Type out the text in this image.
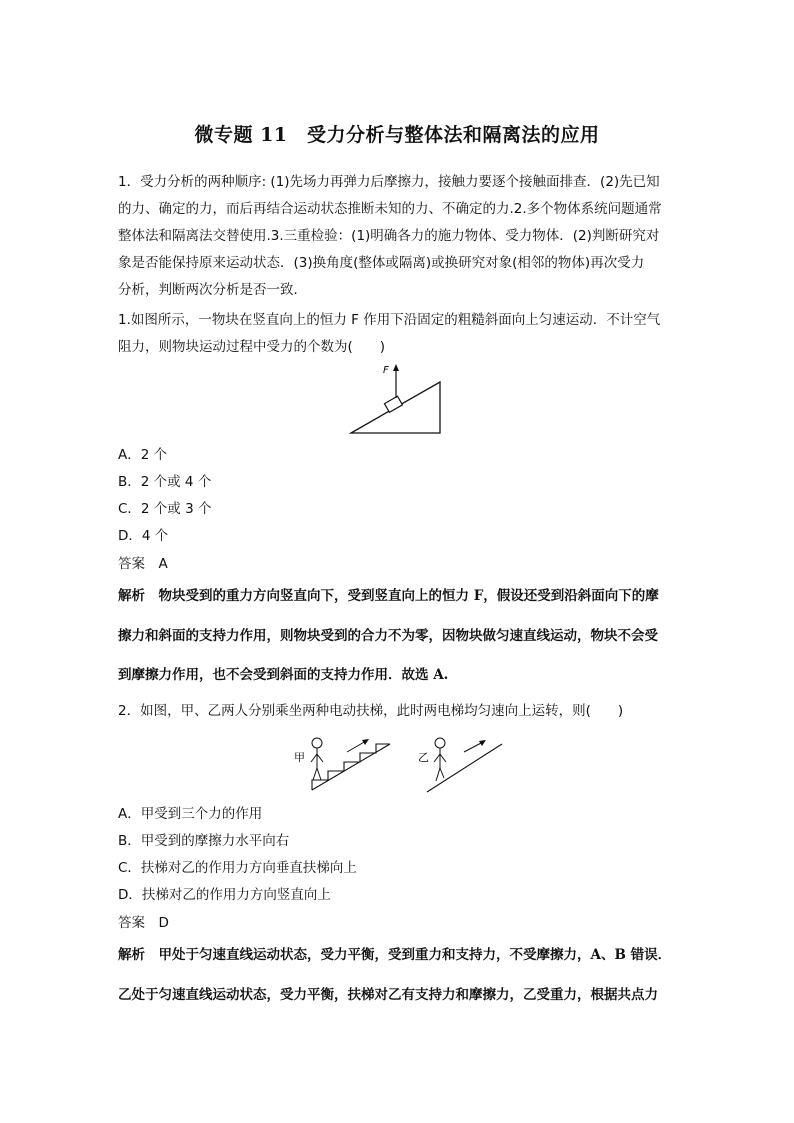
微专题 11　受力分析与整体法和隔离法的应用
1．受力分析的两种顺序: (1)先场力再弹力后摩擦力，接触力要逐个接触面排查．(2)先已知
的力、确定的力，而后再结合运动状态推断未知的力、不确定的力.2.多个物体系统问题通常
整体法和隔离法交替使用.3.三重检验：(1)明确各力的施力物体、受力物体．(2)判断研究对
象是否能保持原来运动状态．(3)换角度(整体或隔离)或换研究对象(相邻的物体)再次受力
分析，判断两次分析是否一致．
1.如图所示，一物块在竖直向上的恒力 F 作用下沿固定的粗糙斜面向上匀速运动．不计空气
阻力，则物块运动过程中受力的个数为(　　)
F
A．2 个
B．2 个或 4 个
C．2 个或 3 个
D．4 个
答案　A
解析　物块受到的重力方向竖直向下，受到竖直向上的恒力 F，假设还受到沿斜面向下的摩
擦力和斜面的支持力作用，则物块受到的合力不为零，因物块做匀速直线运动，物块不会受
到摩擦力作用，也不会受到斜面的支持力作用．故选 A.
2．如图，甲、乙两人分别乘坐两种电动扶梯，此时两电梯均匀速向上运转，则(　　)
甲	乙
A．甲受到三个力的作用
B．甲受到的摩擦力水平向右
C．扶梯对乙的作用力方向垂直扶梯向上
D．扶梯对乙的作用力方向竖直向上
答案　D
解析　甲处于匀速直线运动状态，受力平衡，受到重力和支持力，不受摩擦力，A、B 错误．
乙处于匀速直线运动状态，受力平衡，扶梯对乙有支持力和摩擦力，乙受重力，根据共点力
